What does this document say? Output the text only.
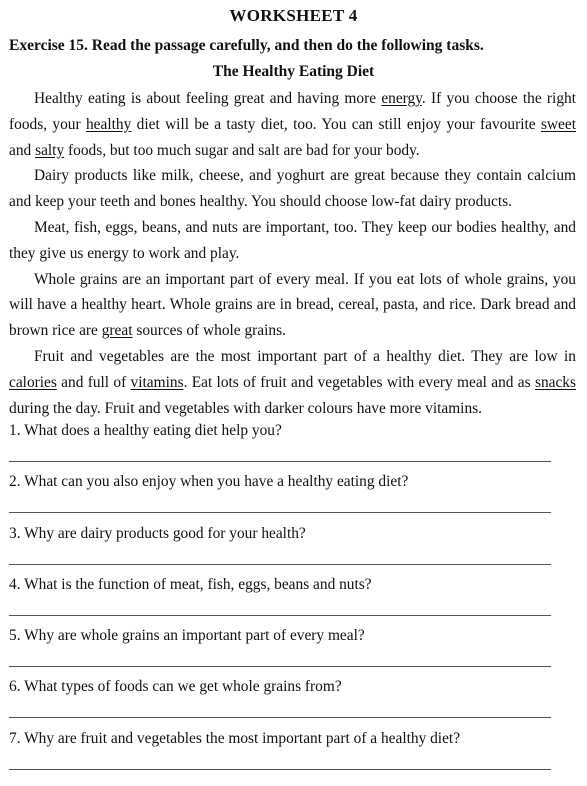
WORKSHEET 4
Exercise 15. Read the passage carefully, and then do the following tasks.
The Healthy Eating Diet

Healthy eating is about feeling great and having more energy. If you choose the right foods, your healthy diet will be a tasty diet, too. You can still enjoy your favourite sweet and salty foods, but too much sugar and salt are bad for your body.

Dairy products like milk, cheese, and yoghurt are great because they contain calcium and keep your teeth and bones healthy. You should choose low-fat dairy products.

Meat, fish, eggs, beans, and nuts are important, too. They keep our bodies healthy, and they give us energy to work and play.

Whole grains are an important part of every meal. If you eat lots of whole grains, you will have a healthy heart. Whole grains are in bread, cereal, pasta, and rice. Dark bread and brown rice are great sources of whole grains.

Fruit and vegetables are the most important part of a healthy diet. They are low in calories and full of vitamins. Eat lots of fruit and vegetables with every meal and as snacks during the day. Fruit and vegetables with darker colours have more vitamins.

1. What does a healthy eating diet help you?
2. What can you also enjoy when you have a healthy eating diet?
3. Why are dairy products good for your health?
4. What is the function of meat, fish, eggs, beans and nuts?
5. Why are whole grains an important part of every meal?
6. What types of foods can we get whole grains from?
7. Why are fruit and vegetables the most important part of a healthy diet?
